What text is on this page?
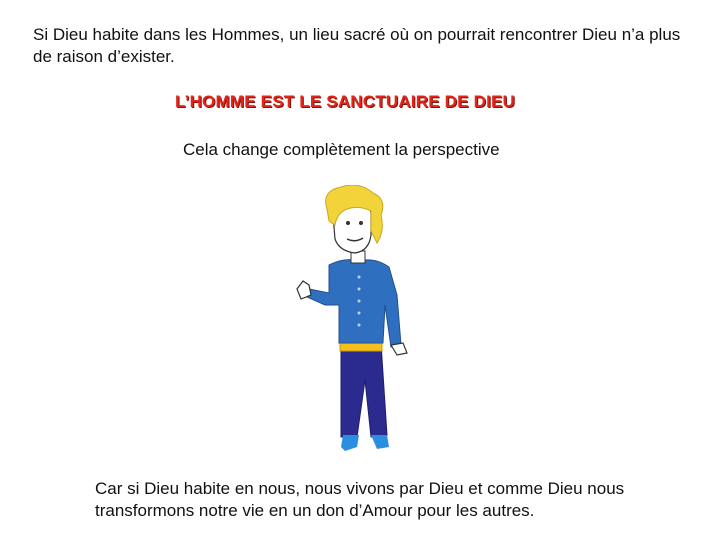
Si Dieu habite dans les Hommes, un lieu sacré où on pourrait rencontrer Dieu n’a plus de raison d’exister.

L’HOMME EST LE SANCTUAIRE DE DIEU

Cela change complètement la perspective

Car si Dieu habite en nous, nous vivons par Dieu et comme Dieu nous transformons notre vie en un don d’Amour pour les autres.
